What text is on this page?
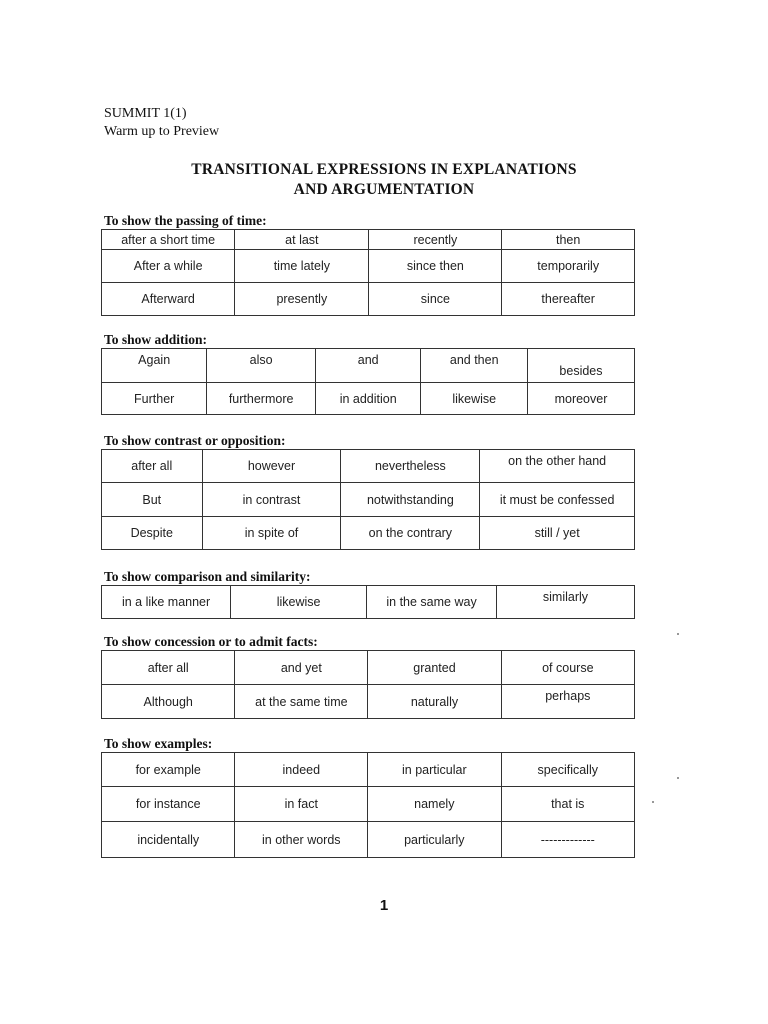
SUMMIT 1(1)
Warm up to Preview
TRANSITIONAL EXPRESSIONS IN EXPLANATIONS
AND ARGUMENTATION
To show the passing of time:
after a short time	at last	recently	then
After a while	time lately	since then	temporarily
Afterward	presently	since	thereafter
To show addition:
Again	also	and	and then	besides
Further	furthermore	in addition	likewise	moreover
To show contrast or opposition:
after all	however	nevertheless	on the other hand
But	in contrast	notwithstanding	it must be confessed
Despite	in spite of	on the contrary	still / yet
To show comparison and similarity:
in a like manner	likewise	in the same way	similarly
To show concession or to admit facts:
after all	and yet	granted	of course
Although	at the same time	naturally	perhaps
To show examples:
for example	indeed	in particular	specifically
for instance	in fact	namely	that is
incidentally	in other words	particularly	-------------
1
